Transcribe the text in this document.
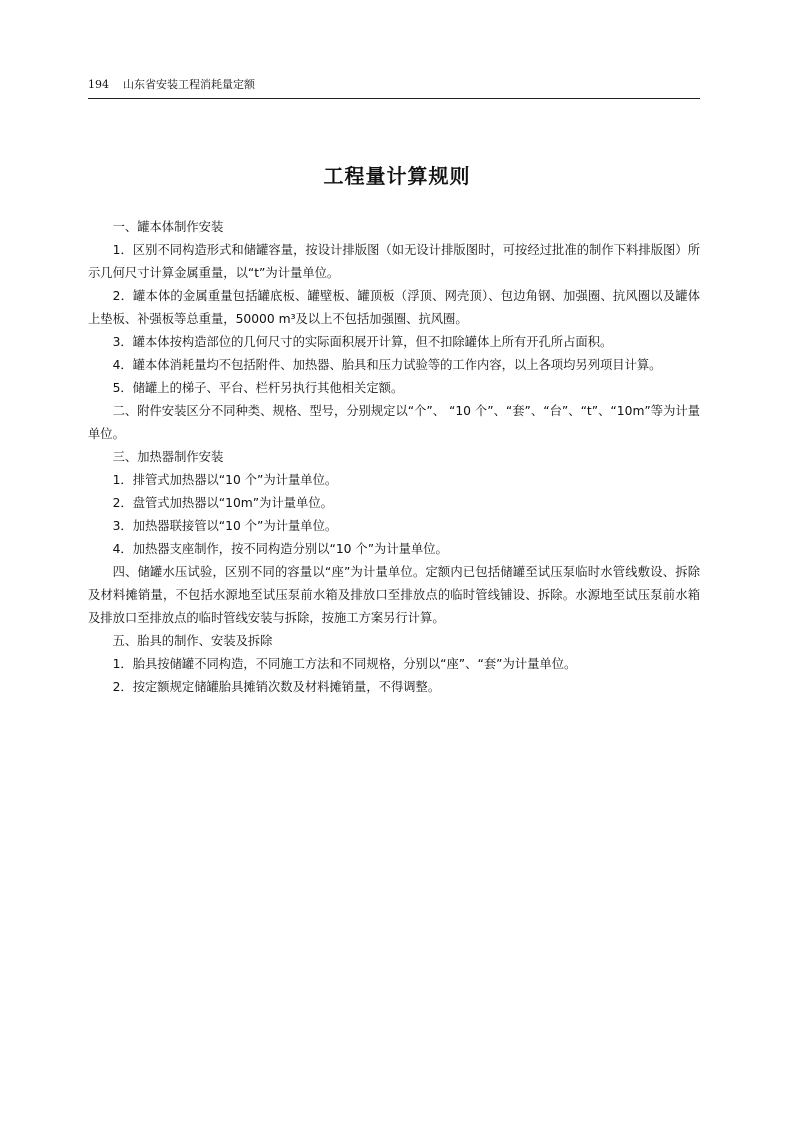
194 山东省安装工程消耗量定额
工程量计算规则

一、罐本体制作安装

1．区别不同构造形式和储罐容量，按设计排版图（如无设计排版图时，可按经过批准的制作下料排版图）所示几何尺寸计算金属重量，以“t”为计量单位。

2．罐本体的金属重量包括罐底板、罐壁板、罐顶板（浮顶、网壳顶）、包边角钢、加强圈、抗风圈以及罐体上垫板、补强板等总重量，50000 m³及以上不包括加强圈、抗风圈。

3．罐本体按构造部位的几何尺寸的实际面积展开计算，但不扣除罐体上所有开孔所占面积。

4．罐本体消耗量均不包括附件、加热器、胎具和压力试验等的工作内容，以上各项均另列项目计算。

5．储罐上的梯子、平台、栏杆另执行其他相关定额。

二、附件安装区分不同种类、规格、型号，分别规定以“个”、 “10 个”、“套”、“台”、“t”、“10m”等为计量单位。

三、加热器制作安装

1．排管式加热器以“10 个”为计量单位。

2．盘管式加热器以“10m”为计量单位。

3．加热器联接管以“10 个”为计量单位。

4．加热器支座制作，按不同构造分别以“10 个”为计量单位。

四、储罐水压试验，区别不同的容量以“座”为计量单位。定额内已包括储罐至试压泵临时水管线敷设、拆除及材料摊销量，不包括水源地至试压泵前水箱及排放口至排放点的临时管线铺设、拆除。水源地至试压泵前水箱及排放口至排放点的临时管线安装与拆除，按施工方案另行计算。

五、胎具的制作、安装及拆除

1．胎具按储罐不同构造，不同施工方法和不同规格，分别以“座”、“套”为计量单位。

2．按定额规定储罐胎具摊销次数及材料摊销量，不得调整。
